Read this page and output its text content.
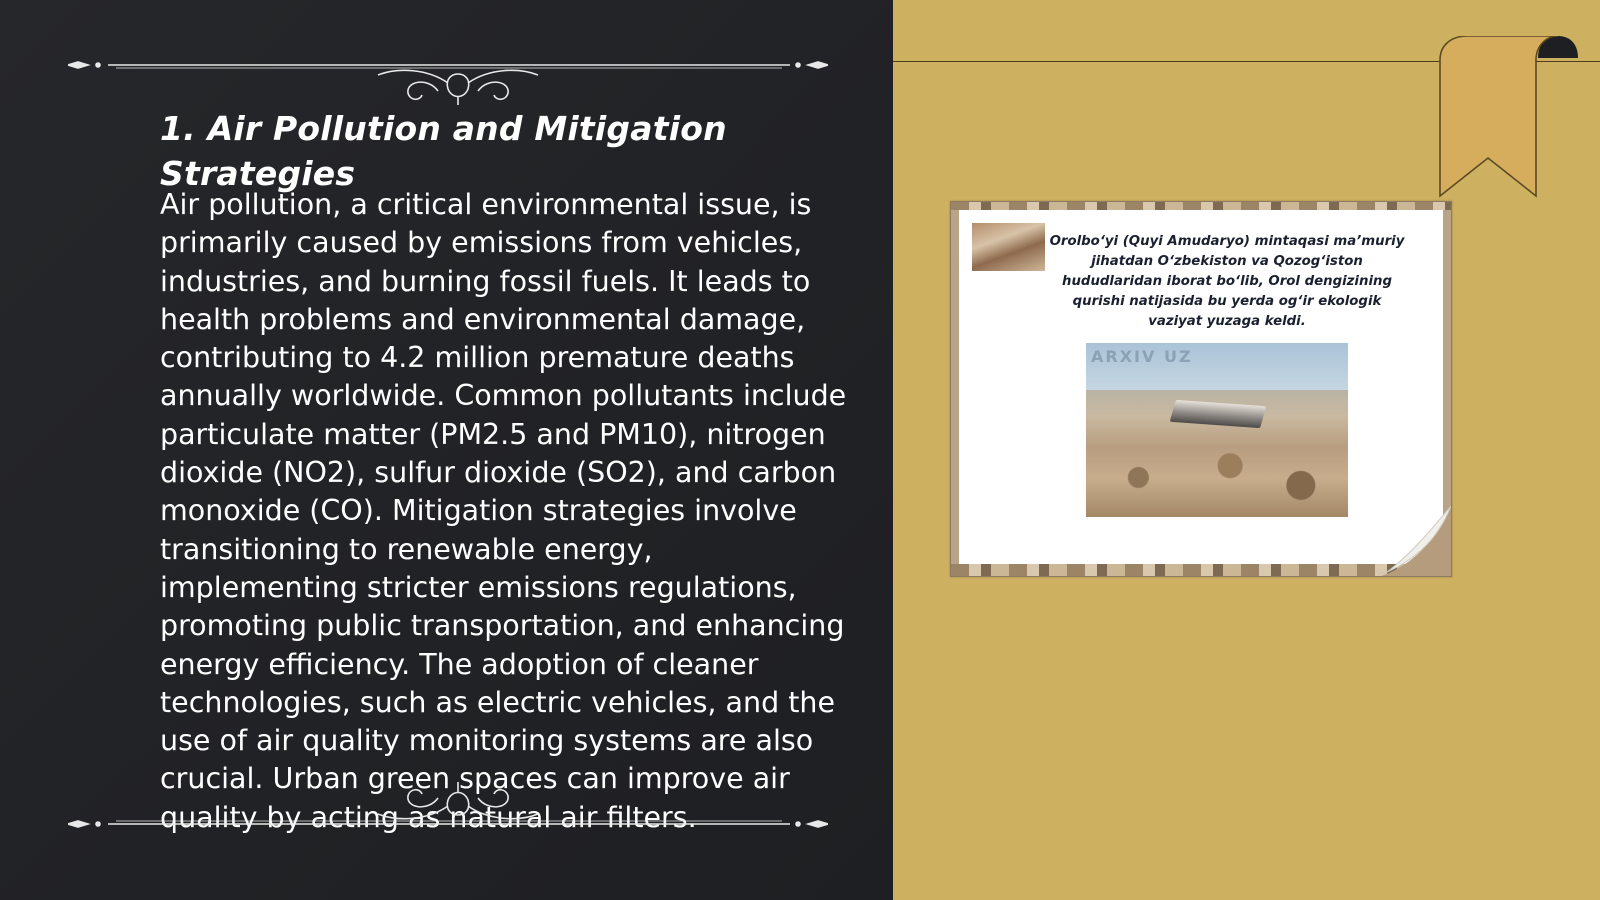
1. Air Pollution and Mitigation Strategies

Air pollution, a critical environmental issue, is primarily caused by emissions from vehicles, industries, and burning fossil fuels. It leads to health problems and environmental damage, contributing to 4.2 million premature deaths annually worldwide. Common pollutants include particulate matter (PM2.5 and PM10), nitrogen dioxide (NO2), sulfur dioxide (SO2), and carbon monoxide (CO). Mitigation strategies involve transitioning to renewable energy, implementing stricter emissions regulations, promoting public transportation, and enhancing energy efficiency. The adoption of cleaner technologies, such as electric vehicles, and the use of air quality monitoring systems are also crucial. Urban green spaces can improve air quality by acting as natural air filters.

Orolbo‘yi (Quyi Amudaryo) mintaqasi ma’muriy jihatdan O‘zbekiston va Qozog‘iston hududlaridan iborat bo‘lib, Orol dengizining qurishi natijasida bu yerda og‘ir ekologik vaziyat yuzaga keldi.

ARXIV UZ
